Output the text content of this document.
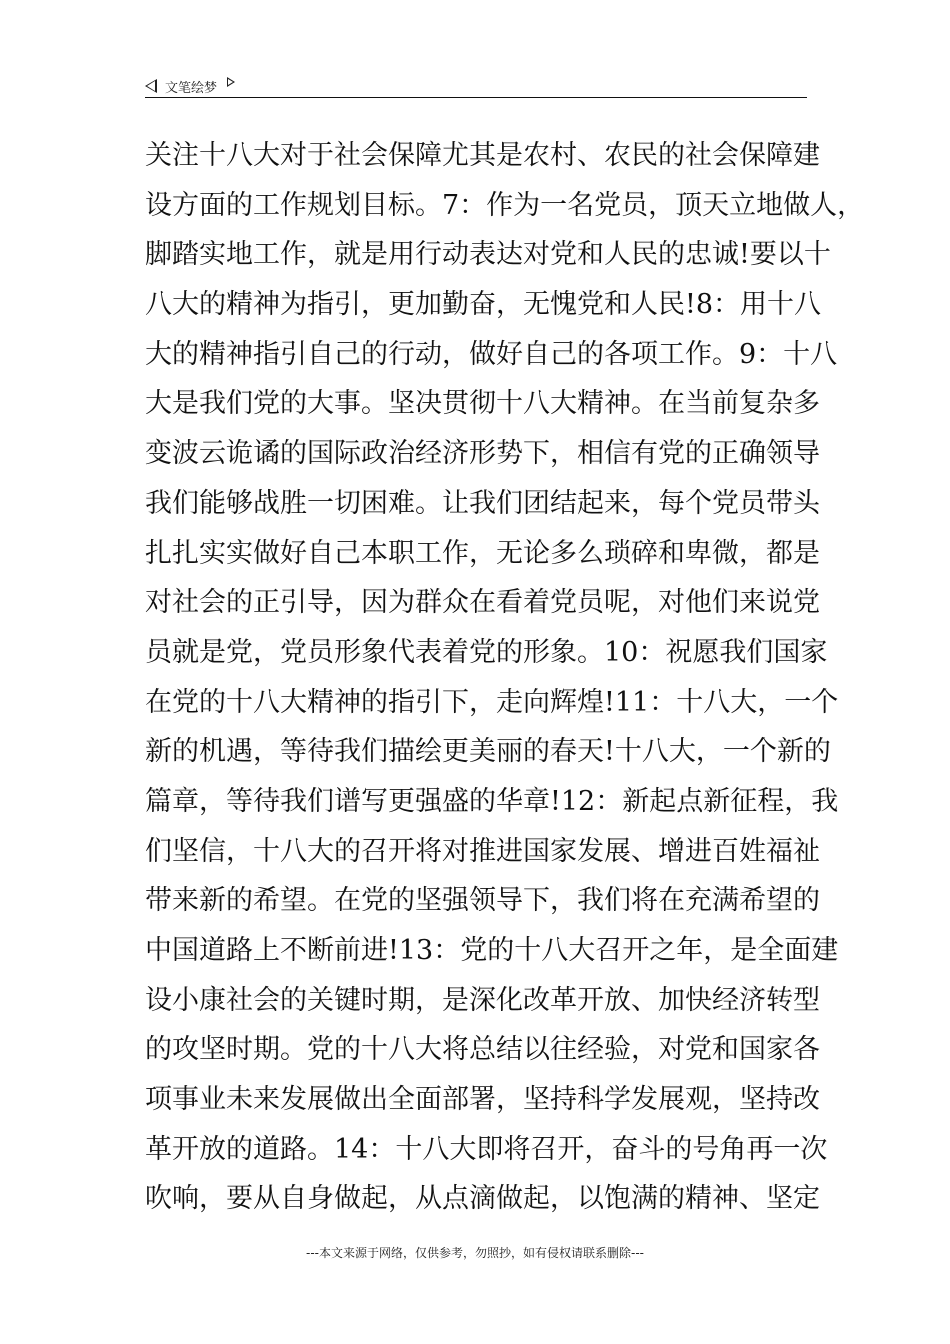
文笔绘梦
关注十八大对于社会保障尤其是农村、农民的社会保障建
设方面的工作规划目标。7：作为一名党员，顶天立地做人，
脚踏实地工作，就是用行动表达对党和人民的忠诚!要以十
八大的精神为指引，更加勤奋，无愧党和人民!8：用十八
大的精神指引自己的行动，做好自己的各项工作。9：十八
大是我们党的大事。坚决贯彻十八大精神。在当前复杂多
变波云诡谲的国际政治经济形势下，相信有党的正确领导
我们能够战胜一切困难。让我们团结起来，每个党员带头
扎扎实实做好自己本职工作，无论多么琐碎和卑微，都是
对社会的正引导，因为群众在看着党员呢，对他们来说党
员就是党，党员形象代表着党的形象。10：祝愿我们国家
在党的十八大精神的指引下，走向辉煌!11：十八大，一个
新的机遇，等待我们描绘更美丽的春天!十八大，一个新的
篇章，等待我们谱写更强盛的华章!12：新起点新征程，我
们坚信，十八大的召开将对推进国家发展、增进百姓福祉
带来新的希望。在党的坚强领导下，我们将在充满希望的
中国道路上不断前进!13：党的十八大召开之年，是全面建
设小康社会的关键时期，是深化改革开放、加快经济转型
的攻坚时期。党的十八大将总结以往经验，对党和国家各
项事业未来发展做出全面部署，坚持科学发展观，坚持改
革开放的道路。14：十八大即将召开，奋斗的号角再一次
吹响，要从自身做起，从点滴做起，以饱满的精神、坚定
---本文来源于网络，仅供参考，勿照抄，如有侵权请联系删除---
